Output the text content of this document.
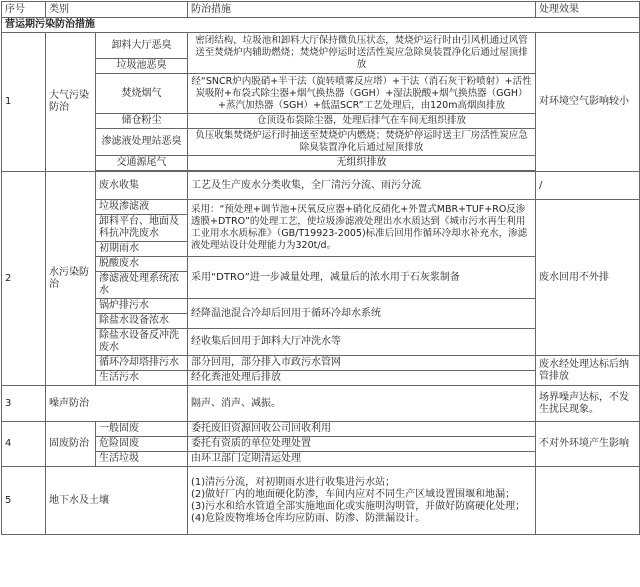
序号	类别		防治措施	处理效果
营运期污染防治措施				
1	大气污染防治	卸料大厅恶臭	密闭结构，垃圾池和卸料大厅保持微负压状态，焚烧炉运行时由引风机通过风管送至焚烧炉内辅助燃烧；焚烧炉停运时送活性炭应急除臭装置净化后通过屋顶排放	对环境空气影响较小
		垃圾池恶臭		
		焚烧烟气	经“SNCR炉内脱硝+半干法（旋转喷雾反应塔）+干法（消石灰干粉喷射）+活性炭吸附+布袋式除尘器+烟气换热器（GGH）+湿法脱酸+烟气换热器（GGH）+蒸汽加热器（SGH）+低温SCR”工艺处理后，由120m高烟囱排放	
		储仓粉尘	仓顶设布袋除尘器，处理后排气在车间无组织排放	
		渗滤液处理站恶臭	负压收集焚烧炉运行时抽送至焚烧炉内燃烧；焚烧炉停运时送主厂房活性炭应急除臭装置净化后通过屋顶排放	
		交通源尾气	无组织排放	

2	水污染防治	废水收集	工艺及生产废水分类收集，全厂清污分流、雨污分流	/
		垃圾渗滤液	采用：“预处理+调节池+厌氧反应器+硝化反硝化+外置式MBR+TUF+RO反渗透膜+DTRO”的处理工艺，使垃圾渗滤液处理出水水质达到《城市污水再生利用 工业用水水质标准》（GB/T19923-2005)标准后回用作循环冷却水补充水，渗滤液处理站设计处理能力为320t/d。	废水回用不外排
		卸料平台、地面及科抗冲洗废水		
		初期雨水		
		脱酸废水	采用“DTRO”进一步减量处理，减量后的浓水用于石灰浆制备	
		渗滤液处理系统浓水		
		锅炉排污水	经降温池混合冷却后回用于循环冷却水系统	
		除盐水设备浓水		
		除盐水设备反冲洗废水	经收集后回用于卸料大厅冲洗水等	
		循环冷却塔排污水	部分回用，部分排入市政污水管网	废水经处理达标后纳管排放
		生活污水	经化粪池处理后排放	
3	噪声防治		隔声、消声、减振。	场界噪声达标，不发生扰民现象。
4	固废防治	一般固废	委托废旧资源回收公司回收利用	不对外环境产生影响
		危险固废	委托有资质的单位处理处置	
		生活垃圾	由环卫部门定期清运处理	
5	地下水及土壤		(1)清污分流，对初期雨水进行收集进污水站；
(2)做好厂内的地面硬化防渗，车间内应对不同生产区域设置围堰和地漏；
(3)污水和给水管道全部实施地面化或实施明沟明管，并做好防腐硬化处理；
(4)危险废物堆场仓库均应防雨、防渗、防泄漏设计。	
